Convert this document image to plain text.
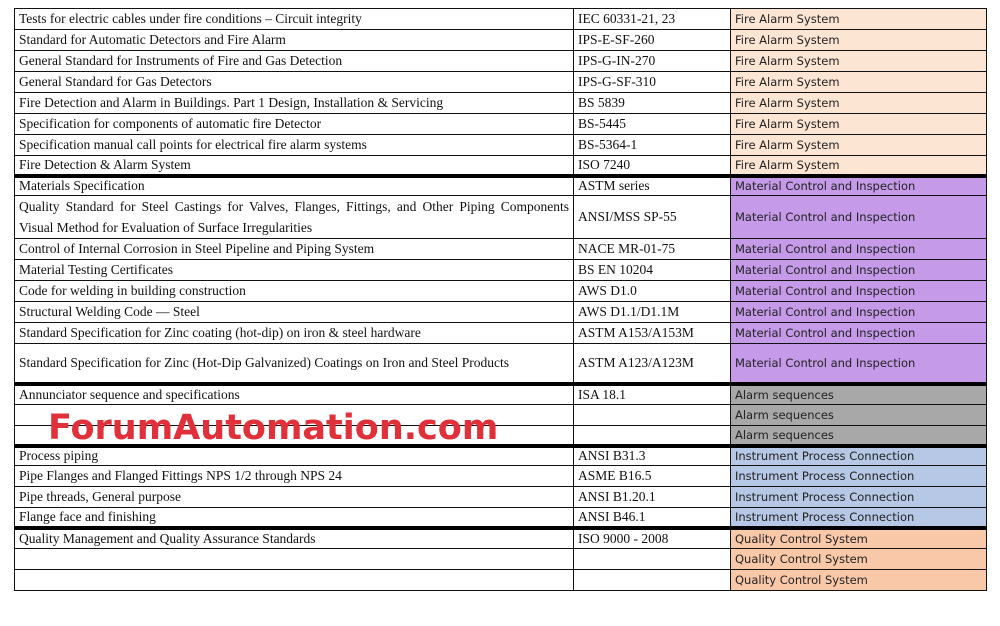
Tests for electric cables under fire conditions – Circuit integrity	IEC 60331-21, 23	Fire Alarm System
Standard for Automatic Detectors and Fire Alarm	IPS-E-SF-260	Fire Alarm System
General Standard for Instruments of Fire and Gas Detection	IPS-G-IN-270	Fire Alarm System
General Standard for Gas Detectors	IPS-G-SF-310	Fire Alarm System
Fire Detection and Alarm in Buildings. Part 1 Design, Installation & Servicing	BS 5839	Fire Alarm System
Specification for components of automatic fire Detector	BS-5445	Fire Alarm System
Specification manual call points for electrical fire alarm systems	BS-5364-1	Fire Alarm System
Fire Detection & Alarm System	ISO 7240	Fire Alarm System
Materials Specification	ASTM series	Material Control and Inspection
Quality Standard for Steel Castings for Valves, Flanges, Fittings, and Other Piping Components Visual Method for Evaluation of Surface Irregularities	ANSI/MSS SP-55	Material Control and Inspection
Control of Internal Corrosion in Steel Pipeline and Piping System	NACE MR-01-75	Material Control and Inspection
Material Testing Certificates	BS EN 10204	Material Control and Inspection
Code for welding in building construction	AWS D1.0	Material Control and Inspection
Structural Welding Code — Steel	AWS D1.1/D1.1M	Material Control and Inspection
Standard Specification for Zinc coating (hot-dip) on iron & steel hardware	ASTM A153/A153M	Material Control and Inspection
Standard Specification for Zinc (Hot-Dip Galvanized) Coatings on Iron and Steel Products	ASTM A123/A123M	Material Control and Inspection
Annunciator sequence and specifications	ISA 18.1	Alarm sequences
		Alarm sequences
		Alarm sequences
Process piping	ANSI B31.3	Instrument Process Connection
Pipe Flanges and Flanged Fittings NPS 1/2 through NPS 24	ASME B16.5	Instrument Process Connection
Pipe threads, General purpose	ANSI B1.20.1	Instrument Process Connection
Flange face and finishing	ANSI B46.1	Instrument Process Connection
Quality Management and Quality Assurance Standards	ISO 9000 - 2008	Quality Control System
		Quality Control System
		Quality Control System
ForumAutomation.com
